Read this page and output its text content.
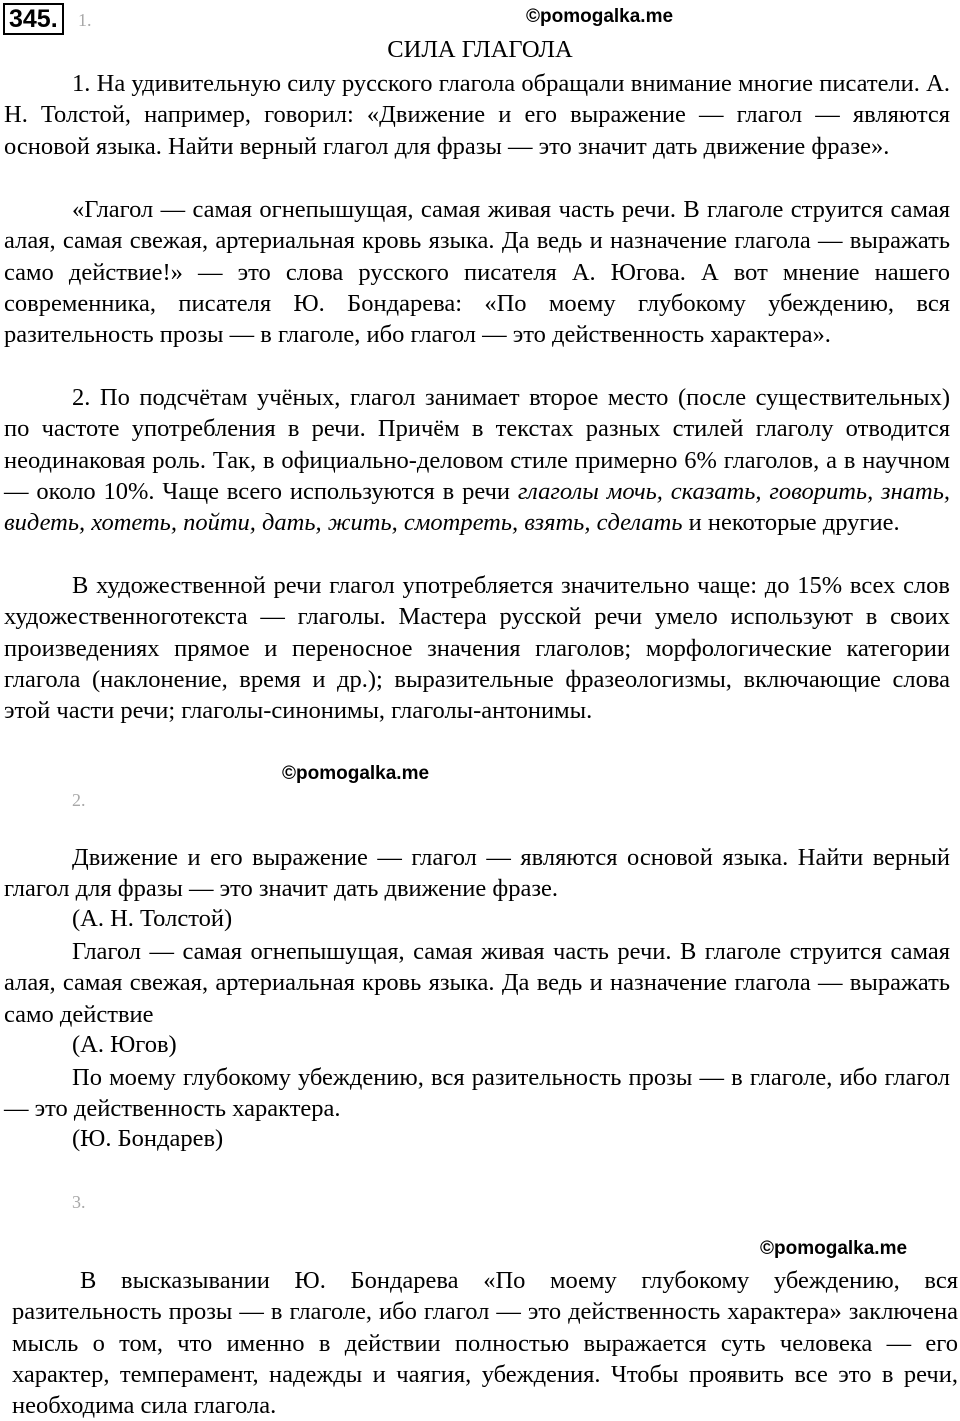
345.	1.	©pomogalka.me
СИЛА ГЛАГОЛА

1. На удивительную силу русского глагола обращали внимание многие писатели. А. Н. Толстой, например, говорил: «Движение и его выражение — глагол — являются основой языка. Найти верный глагол для фразы — это значит дать движение фразе».

«Глагол — самая огнепышущая, самая живая часть речи. В глаголе струится самая алая, самая свежая, артериальная кровь языка. Да ведь и назначение глагола — выражать само действие!» — это слова русского писателя А. Югова. А вот мнение нашего современника, писателя Ю. Бондарева: «По моему глубокому убеждению, вся разительность прозы — в глаголе, ибо глагол — это действенность характера».

2. По подсчётам учёных, глагол занимает второе место (после существительных) по частоте употребления в речи. Причём в текстах разных стилей глаголу отводится неодинаковая роль. Так, в официально-деловом стиле примерно 6% глаголов, а в научном — около 10%. Чаще всего используются в речи глаголы мочь, сказать, говорить, знать, видеть, хотеть, пойти, дать, жить, смотреть, взять, сделать и некоторые другие.

В художественной речи глагол употребляется значительно чаще: до 15% всех слов художественноготекста — глаголы. Мастера русской речи умело используют в своих произведениях прямое и переносное значения глаголов; морфологические категории глагола (наклонение, время и др.); выразительные фразеологизмы, включающие слова этой части речи; глаголы-синонимы, глаголы-антонимы.

©pomogalka.me
2.

Движение и его выражение — глагол — являются основой языка. Найти верный глагол для фразы — это значит дать движение фразе.

(А. Н. Толстой)

Глагол — самая огнепышущая, самая живая часть речи. В глаголе струится самая алая, самая свежая, артериальная кровь языка. Да ведь и назначение глагола — выражать само действие

(А. Югов)

По моему глубокому убеждению, вся разительность прозы — в глаголе, ибо глагол — это действенность характера.

(Ю. Бондарев)
3.
©pomogalka.me

В высказывании Ю. Бондарева «По моему глубокому убеждению, вся разительность прозы — в глаголе, ибо глагол — это действенность характера» заключена мысль о том, что именно в действии полностью выражается суть человека — его характер, темперамент, надежды и чаягия, убеждения. Чтобы проявить все это в речи, необходима сила глагола.
